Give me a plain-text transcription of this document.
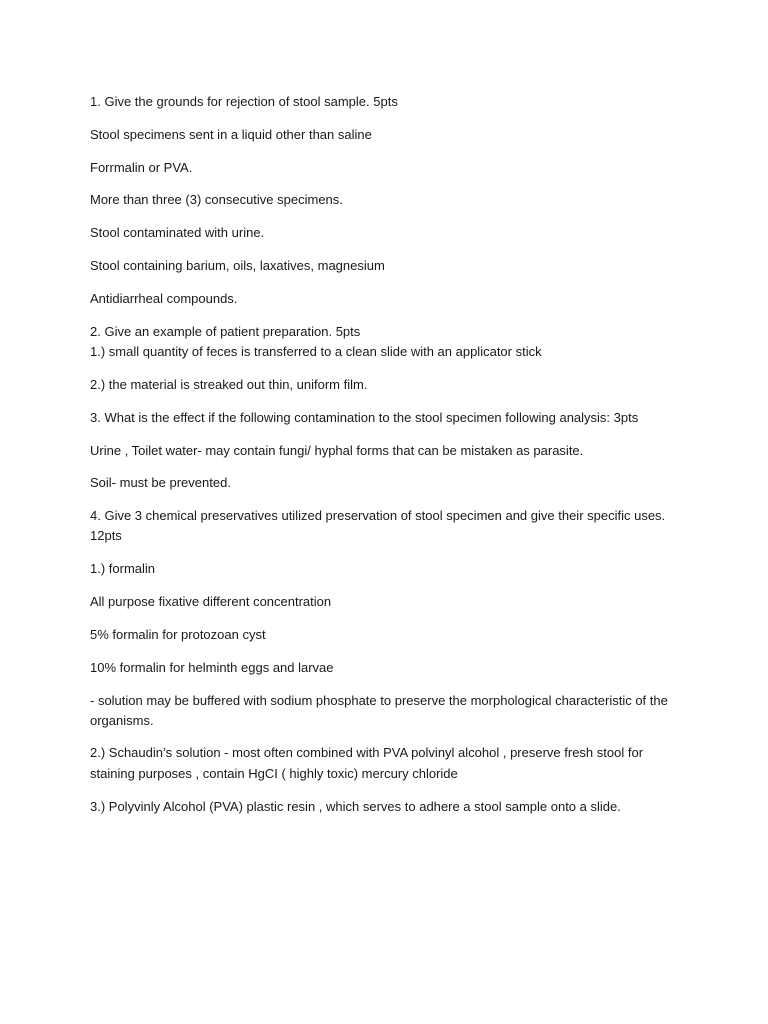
1. Give the grounds for rejection of stool sample. 5pts
Stool specimens sent in a liquid other than saline
Forrmalin or PVA.
More than three (3) consecutive specimens.
Stool contaminated with urine.
Stool containing barium, oils, laxatives, magnesium
Antidiarrheal compounds.
2. Give an example of patient preparation. 5pts
1.) small quantity of feces is transferred to a clean slide with an applicator stick
2.) the material is streaked out thin, uniform film.
3. What is the effect if the following contamination to the stool specimen following analysis: 3pts
Urine , Toilet water- may contain fungi/ hyphal forms that can be mistaken as parasite.
Soil- must be prevented.
4. Give 3 chemical preservatives utilized preservation of stool specimen and give their specific uses.
12pts
1.) formalin
All purpose fixative different concentration
5% formalin for protozoan cyst
10% formalin for helminth eggs and larvae
- solution may be buffered with sodium phosphate to preserve the morphological characteristic of the
organisms.
2.) Schaudin’s solution - most often combined with PVA polvinyl alcohol , preserve fresh stool for
staining purposes , contain HgCI ( highly toxic) mercury chloride
3.) Polyvinly Alcohol (PVA) plastic resin , which serves to adhere a stool sample onto a slide.
